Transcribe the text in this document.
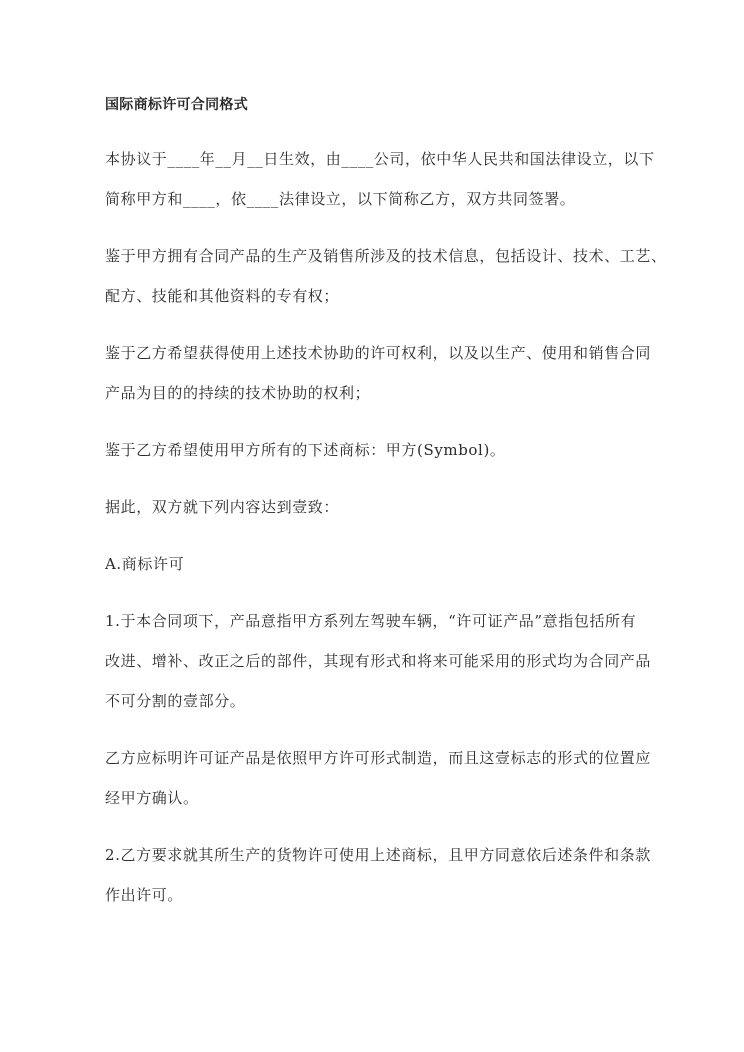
国际商标许可合同格式
本协议于____年__月__日生效，由____公司，依中华人民共和国法律设立，以下
简称甲方和____，依____法律设立，以下简称乙方，双方共同签署。
鉴于甲方拥有合同产品的生产及销售所涉及的技术信息，包括设计、技术、工艺、
配方、技能和其他资料的专有权；
鉴于乙方希望获得使用上述技术协助的许可权利，以及以生产、使用和销售合同
产品为目的的持续的技术协助的权利；
鉴于乙方希望使用甲方所有的下述商标：甲方(Symbol)。
据此，双方就下列内容达到壹致：
A.商标许可
1.于本合同项下，产品意指甲方系列左驾驶车辆，“许可证产品”意指包括所有
改进、增补、改正之后的部件，其现有形式和将来可能采用的形式均为合同产品
不可分割的壹部分。
乙方应标明许可证产品是依照甲方许可形式制造，而且这壹标志的形式的位置应
经甲方确认。
2.乙方要求就其所生产的货物许可使用上述商标，且甲方同意依后述条件和条款
作出许可。
